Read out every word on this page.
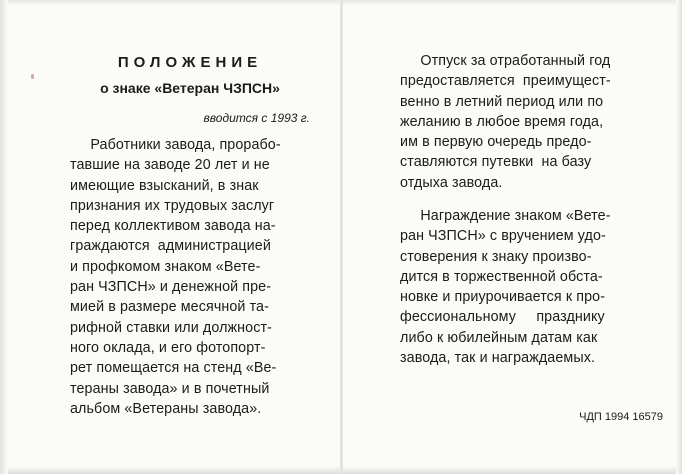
ПОЛОЖЕНИЕ
о знаке «Ветеран ЧЗПСН»
вводится с 1993 г.
Работники завода, прорабо-
тавшие на заводе 20 лет и не
имеющие взысканий, в знак
признания их трудовых заслуг
перед коллективом завода на-
граждаются  администрацией
и профкомом знаком «Вете-
ран ЧЗПСН» и денежной пре-
мией в размере месячной та-
рифной ставки или должност-
ного оклада, и его фотопорт-
рет помещается на стенд «Ве-
тераны завода» и в почетный
альбом «Ветераны завода».
Отпуск за отработанный год
предоставляется  преимущест-
венно в летний период или по
желанию в любое время года,
им в первую очередь предо-
ставляются путевки  на базу
отдыха завода.
Награждение знаком «Вете-
ран ЧЗПСН» с вручением удо-
стоверения к знаку произво-
дится в торжественной обста-
новке и приурочивается к про-
фессиональному     празднику
либо к юбилейным датам как
завода, так и награждаемых.
ЧДП 1994 16579
